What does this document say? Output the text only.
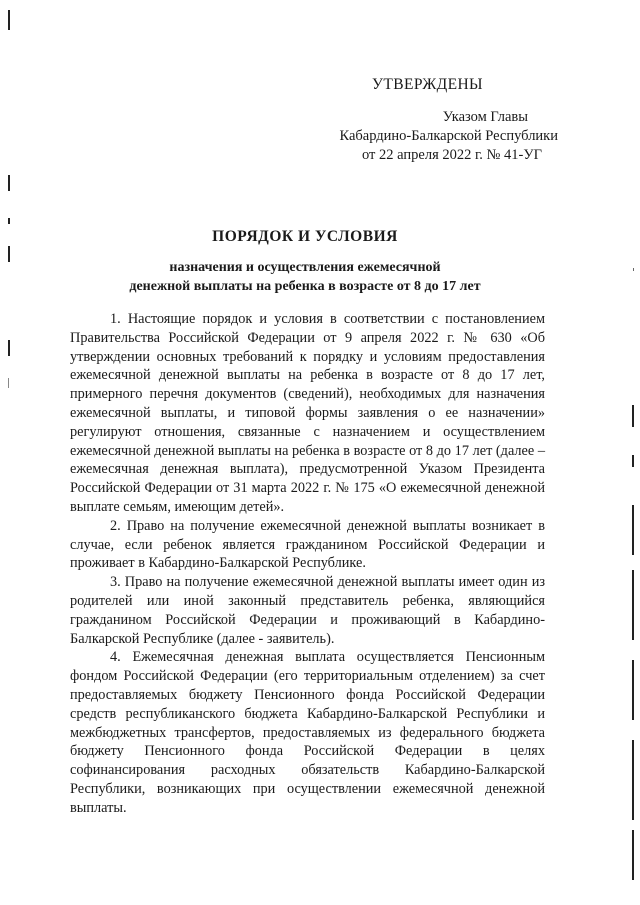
УТВЕРЖДЕНЫ
Указом Главы
Кабардино-Балкарской Республики
от 22 апреля 2022 г. № 41-УГ
ПОРЯДОК И УСЛОВИЯ
назначения и осуществления ежемесячной
денежной выплаты на ребенка в возрасте от 8 до 17 лет

1. Настоящие порядок и условия в соответствии с постановлением Правительства Российской Федерации от 9 апреля 2022 г. № 630 «Об утверждении основных требований к порядку и условиям предоставления ежемесячной денежной выплаты на ребенка в возрасте от 8 до 17 лет, примерного перечня документов (сведений), необходимых для назначения ежемесячной выплаты, и типовой формы заявления о ее назначении» регулируют отношения, связанные с назначением и осуществлением ежемесячной денежной выплаты на ребенка в возрасте от 8 до 17 лет (далее – ежемесячная денежная выплата), предусмотренной Указом Президента Российской Федерации от 31 марта 2022 г. № 175 «О ежемесячной денежной выплате семьям, имеющим детей».

2. Право на получение ежемесячной денежной выплаты возникает в случае, если ребенок является гражданином Российской Федерации и проживает в Кабардино-Балкарской Республике.

3. Право на получение ежемесячной денежной выплаты имеет один из родителей или иной законный представитель ребенка, являющийся гражданином Российской Федерации и проживающий в Кабардино-Балкарской Республике (далее - заявитель).

4. Ежемесячная денежная выплата осуществляется Пенсионным фондом Российской Федерации (его территориальным отделением) за счет предоставляемых бюджету Пенсионного фонда Российской Федерации средств республиканского бюджета Кабардино-Балкарской Республики и межбюджетных трансфертов, предоставляемых из федерального бюджета бюджету Пенсионного фонда Российской Федерации в целях софинансирования расходных обязательств Кабардино-Балкарской Республики, возникающих при осуществлении ежемесячной денежной выплаты.
